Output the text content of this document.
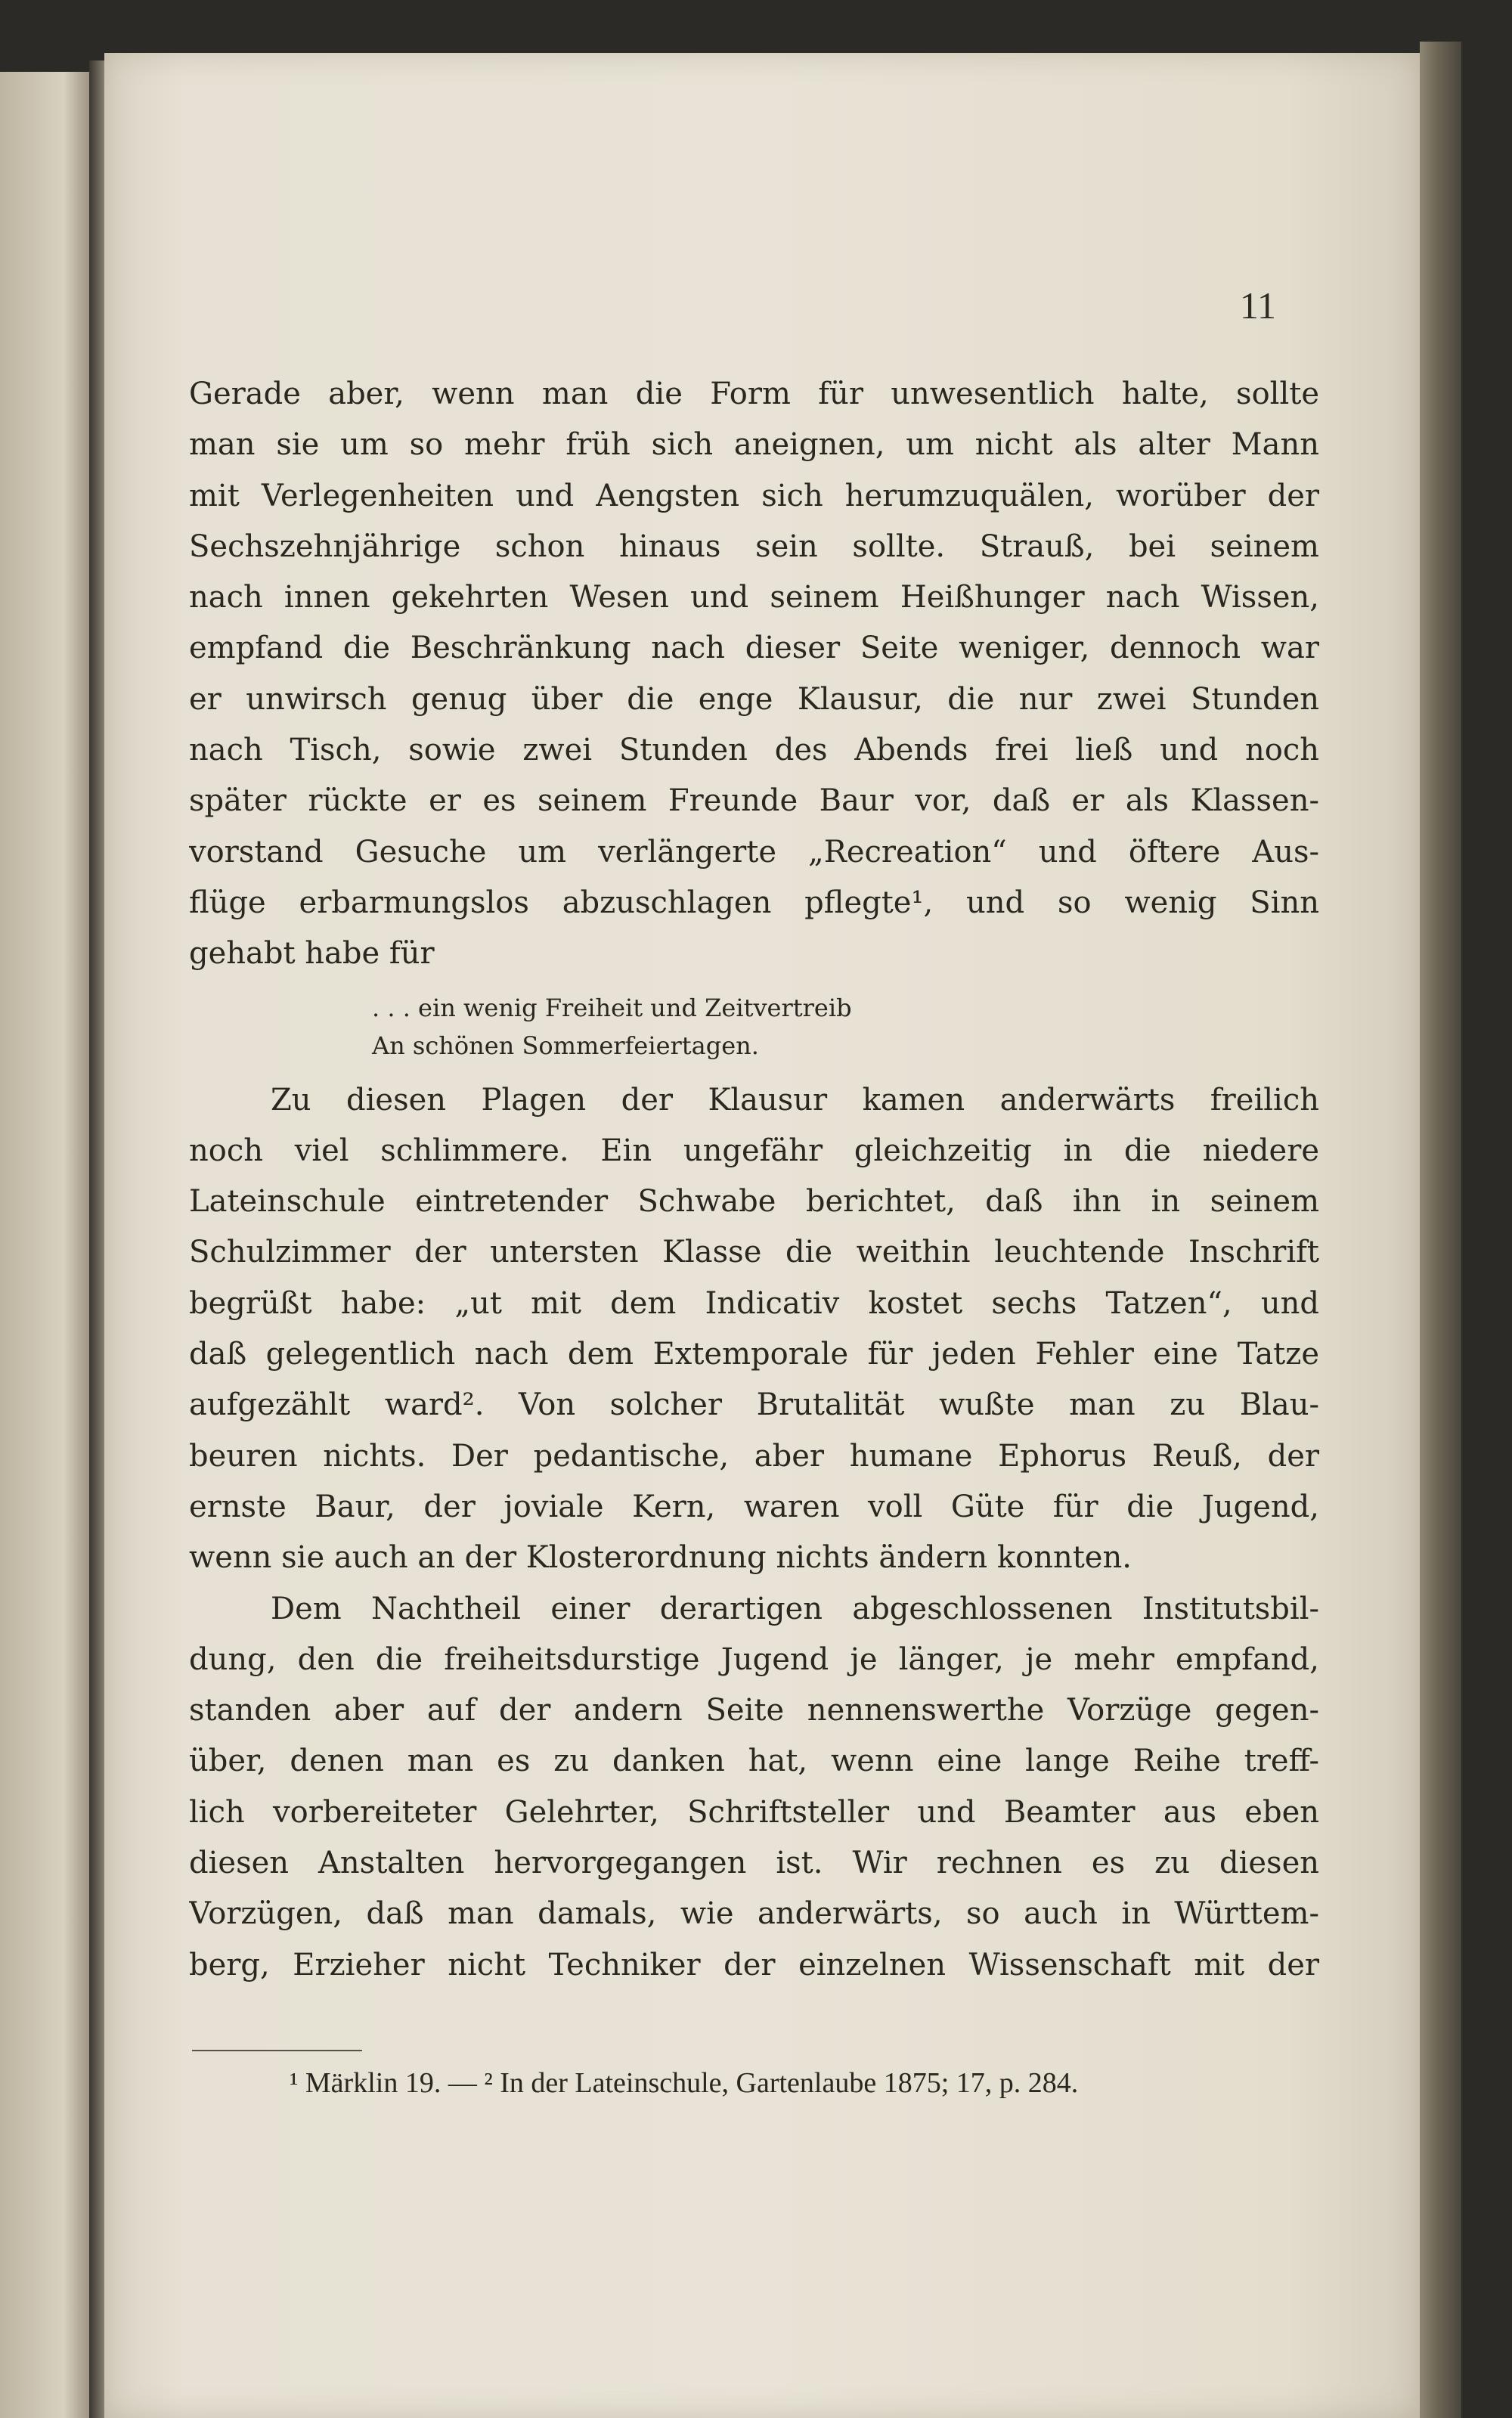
11
Gerade aber, wenn man die Form für unwesentlich halte, sollte
man sie um so mehr früh sich aneignen, um nicht als alter Mann
mit Verlegenheiten und Aengsten sich herumzuquälen, worüber der
Sechszehnjährige schon hinaus sein sollte. Strauß, bei seinem
nach innen gekehrten Wesen und seinem Heißhunger nach Wissen,
empfand die Beschränkung nach dieser Seite weniger, dennoch war
er unwirsch genug über die enge Klausur, die nur zwei Stunden
nach Tisch, sowie zwei Stunden des Abends frei ließ und noch
später rückte er es seinem Freunde Baur vor, daß er als Klassen-
vorstand Gesuche um verlängerte „Recreation“ und öftere Aus-
flüge erbarmungslos abzuschlagen pflegte¹, und so wenig Sinn
gehabt habe für
. . . ein wenig Freiheit und Zeitvertreib
An schönen Sommerfeiertagen.
Zu diesen Plagen der Klausur kamen anderwärts freilich
noch viel schlimmere. Ein ungefähr gleichzeitig in die niedere
Lateinschule eintretender Schwabe berichtet, daß ihn in seinem
Schulzimmer der untersten Klasse die weithin leuchtende Inschrift
begrüßt habe: „ut mit dem Indicativ kostet sechs Tatzen“, und
daß gelegentlich nach dem Extemporale für jeden Fehler eine Tatze
aufgezählt ward². Von solcher Brutalität wußte man zu Blau-
beuren nichts. Der pedantische, aber humane Ephorus Reuß, der
ernste Baur, der joviale Kern, waren voll Güte für die Jugend,
wenn sie auch an der Klosterordnung nichts ändern konnten.
Dem Nachtheil einer derartigen abgeschlossenen Institutsbil-
dung, den die freiheitsdurstige Jugend je länger, je mehr empfand,
standen aber auf der andern Seite nennenswerthe Vorzüge gegen-
über, denen man es zu danken hat, wenn eine lange Reihe treff-
lich vorbereiteter Gelehrter, Schriftsteller und Beamter aus eben
diesen Anstalten hervorgegangen ist. Wir rechnen es zu diesen
Vorzügen, daß man damals, wie anderwärts, so auch in Württem-
berg, Erzieher nicht Techniker der einzelnen Wissenschaft mit der
¹ Märklin 19. — ² In der Lateinschule, Gartenlaube 1875; 17, p. 284.
